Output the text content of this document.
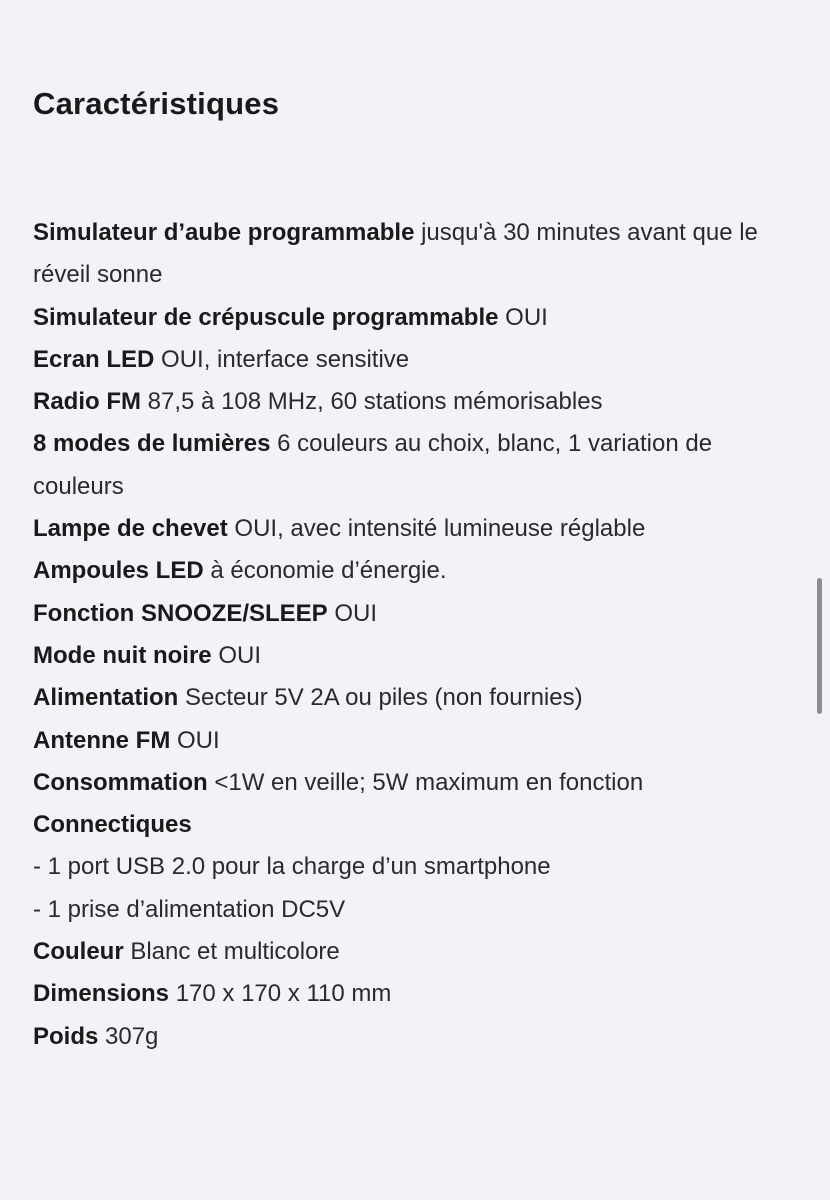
Caractéristiques

Simulateur d’aube programmable jusqu'à 30 minutes avant que le réveil sonne

Simulateur de crépuscule programmable OUI

Ecran LED OUI, interface sensitive

Radio FM 87,5 à 108 MHz, 60 stations mémorisables

8 modes de lumières 6 couleurs au choix, blanc, 1 variation de couleurs

Lampe de chevet OUI, avec intensité lumineuse réglable

Ampoules LED à économie d’énergie.

Fonction SNOOZE/SLEEP OUI

Mode nuit noire OUI

Alimentation Secteur 5V 2A ou piles (non fournies)

Antenne FM OUI

Consommation <1W en veille; 5W maximum en fonction

Connectiques

- 1 port USB 2.0 pour la charge d’un smartphone

- 1 prise d’alimentation DC5V

Couleur Blanc et multicolore

Dimensions 170 x 170 x 110 mm

Poids 307g
